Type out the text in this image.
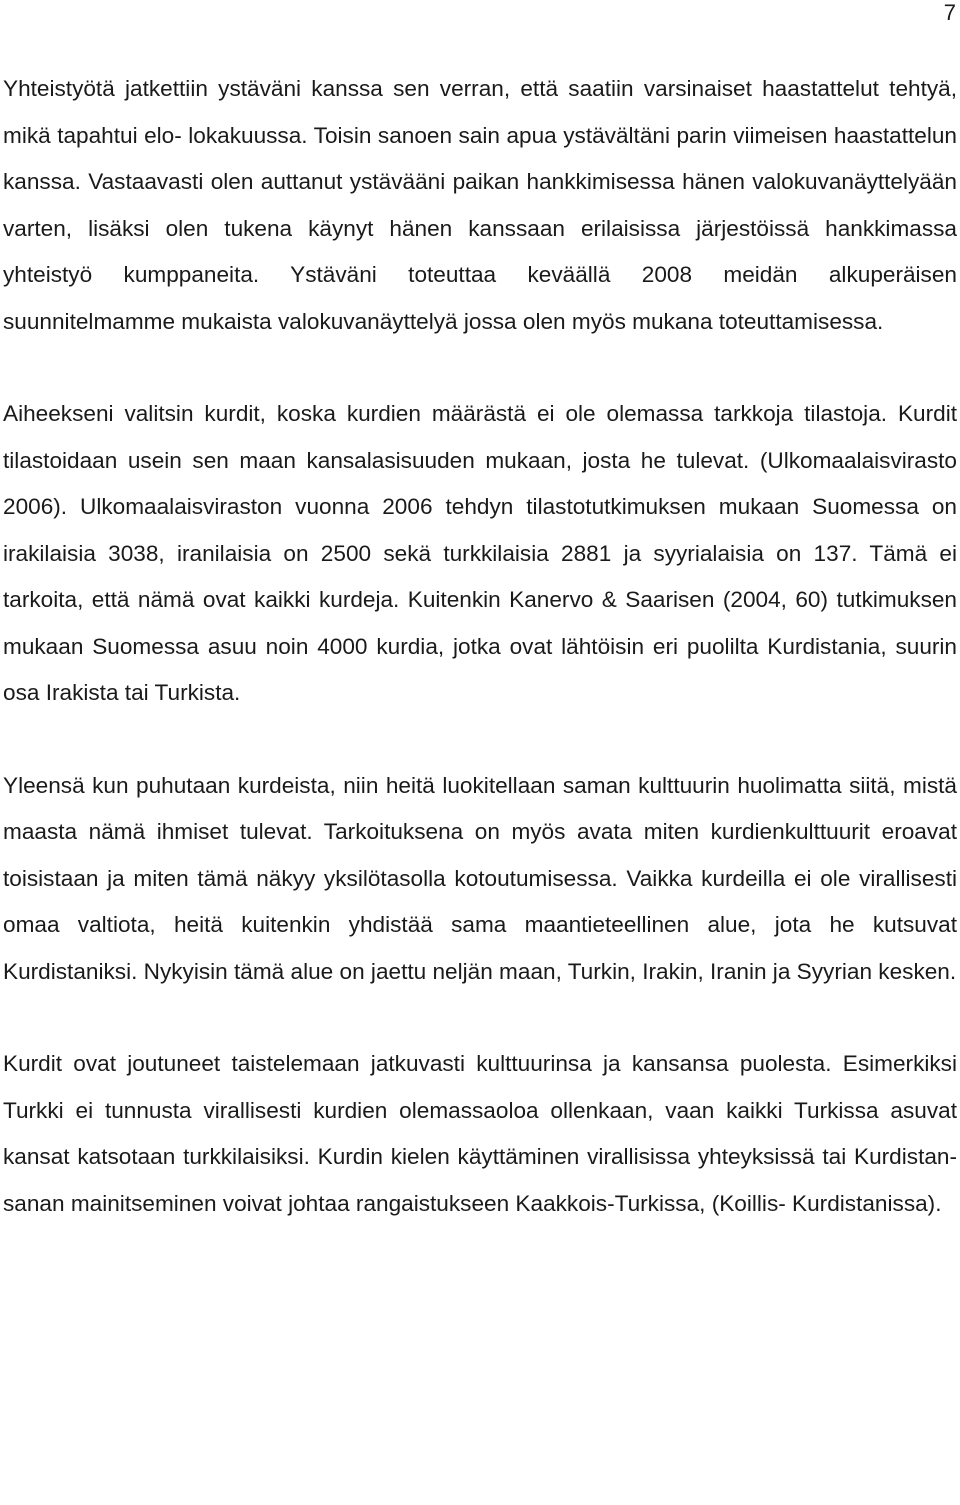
7

Yhteistyötä jatkettiin ystäväni kanssa sen verran, että saatiin varsinaiset haastattelut tehtyä, mikä tapahtui elo- lokakuussa. Toisin sanoen sain apua ystävältäni parin viimeisen haastattelun kanssa. Vastaavasti olen auttanut ystävääni paikan hankkimisessa hänen valokuvanäyttelyään varten, lisäksi olen tukena käynyt hänen kanssaan erilaisissa järjestöissä hankkimassa yhteistyö kumppaneita. Ystäväni toteuttaa keväällä 2008 meidän alkuperäisen suunnitelmamme mukaista valokuvanäyttelyä jossa olen myös mukana toteuttamisessa.

Aiheekseni valitsin kurdit, koska kurdien määrästä ei ole olemassa tarkkoja tilastoja. Kurdit tilastoidaan usein sen maan kansalasisuuden mukaan, josta he tulevat. (Ulkomaalaisvirasto 2006). Ulkomaalaisviraston vuonna 2006 tehdyn tilastotutkimuksen mukaan Suomessa on irakilaisia 3038, iranilaisia on 2500 sekä turkkilaisia 2881 ja syyrialaisia on 137. Tämä ei tarkoita, että nämä ovat kaikki kurdeja. Kuitenkin Kanervo & Saarisen (2004, 60) tutkimuksen mukaan Suomessa asuu noin 4000 kurdia, jotka ovat lähtöisin eri puolilta Kurdistania, suurin osa Irakista tai Turkista.

Yleensä kun puhutaan kurdeista, niin heitä luokitellaan saman kulttuurin huolimatta siitä, mistä maasta nämä ihmiset tulevat. Tarkoituksena on myös avata miten kurdienkulttuurit eroavat toisistaan ja miten tämä näkyy yksilötasolla kotoutumisessa. Vaikka kurdeilla ei ole virallisesti omaa valtiota, heitä kuitenkin yhdistää sama maantieteellinen alue, jota he kutsuvat Kurdistaniksi. Nykyisin tämä alue on jaettu neljän maan, Turkin, Irakin, Iranin ja Syyrian kesken.

Kurdit ovat joutuneet taistelemaan jatkuvasti kulttuurinsa ja kansansa puolesta. Esimerkiksi Turkki ei tunnusta virallisesti kurdien olemassaoloa ollenkaan, vaan kaikki Turkissa asuvat kansat katsotaan turkkilaisiksi. Kurdin kielen käyttäminen virallisissa yhteyksissä tai Kurdistan-sanan mainitseminen voivat johtaa rangaistukseen Kaakkois-Turkissa, (Koillis- Kurdistanissa).
